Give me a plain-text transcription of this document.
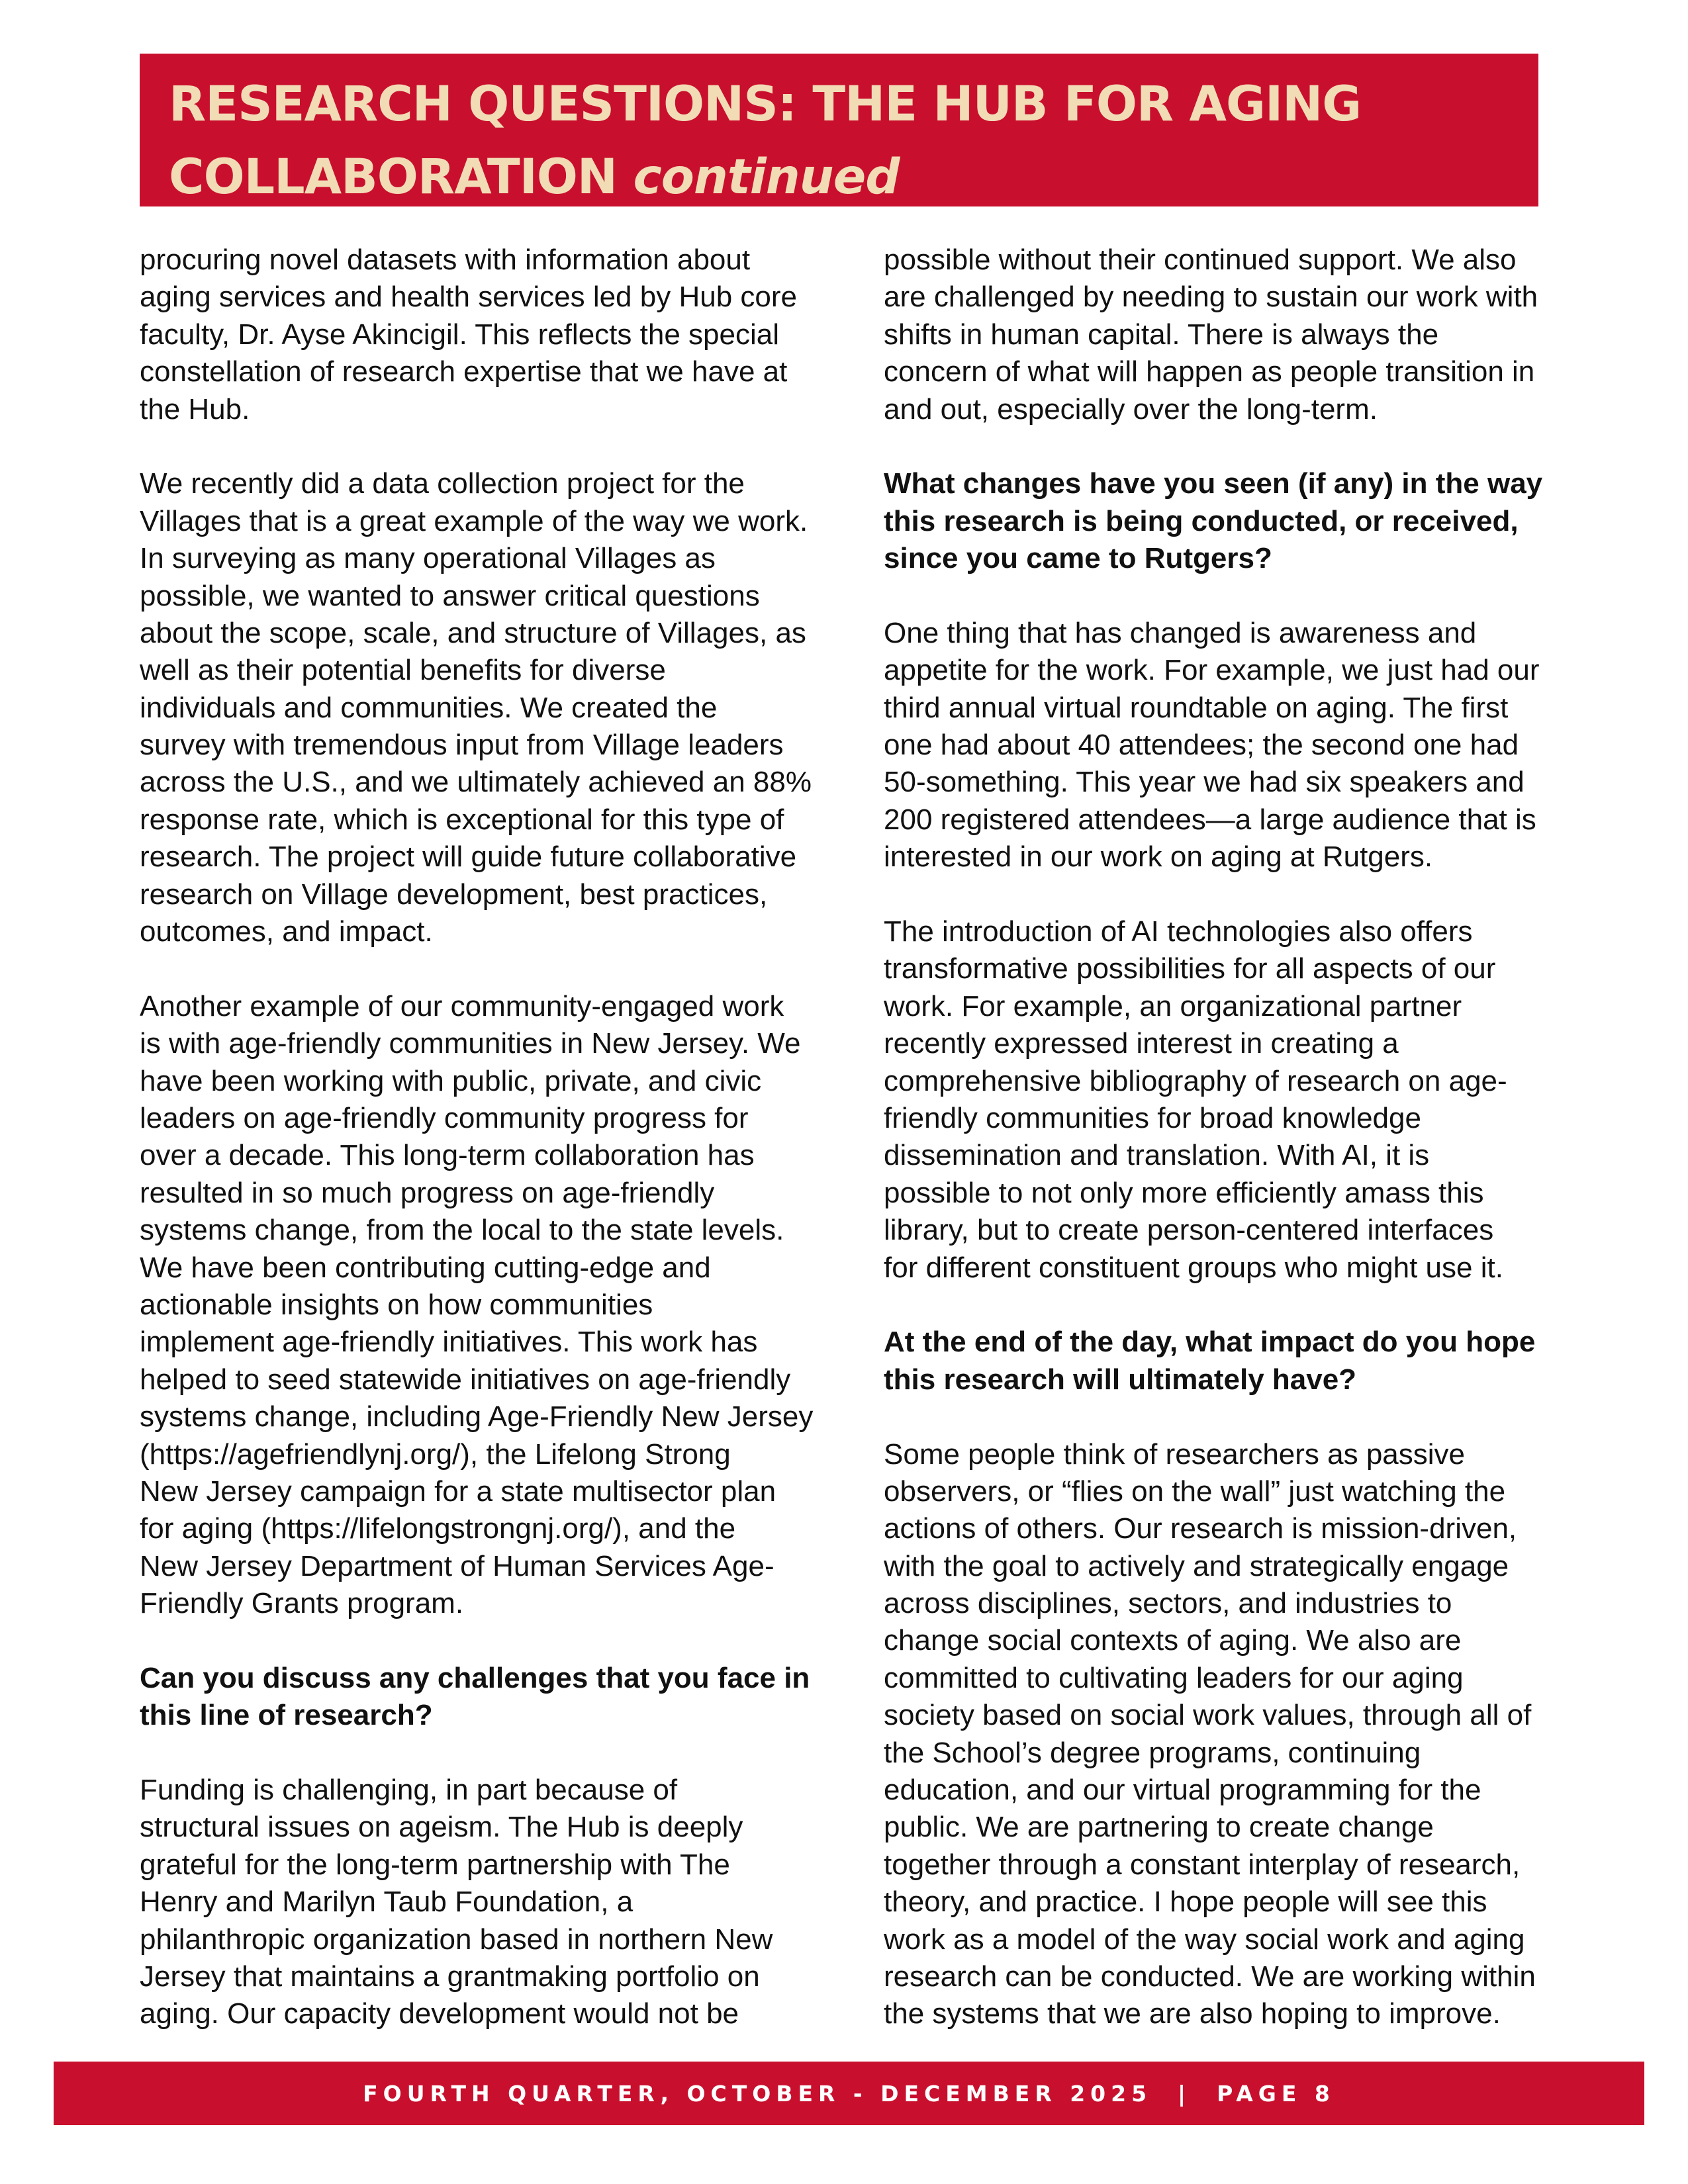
RESEARCH QUESTIONS: THE HUB FOR AGING
COLLABORATION continued
procuring novel datasets with information about
aging services and health services led by Hub core
faculty, Dr. Ayse Akincigil. This reflects the special
constellation of research expertise that we have at
the Hub.
We recently did a data collection project for the
Villages that is a great example of the way we work.
In surveying as many operational Villages as
possible, we wanted to answer critical questions
about the scope, scale, and structure of Villages, as
well as their potential benefits for diverse
individuals and communities. We created the
survey with tremendous input from Village leaders
across the U.S., and we ultimately achieved an 88%
response rate, which is exceptional for this type of
research. The project will guide future collaborative
research on Village development, best practices,
outcomes, and impact.
Another example of our community-engaged work
is with age-friendly communities in New Jersey. We
have been working with public, private, and civic
leaders on age-friendly community progress for
over a decade. This long-term collaboration has
resulted in so much progress on age-friendly
systems change, from the local to the state levels.
We have been contributing cutting-edge and
actionable insights on how communities
implement age-friendly initiatives. This work has
helped to seed statewide initiatives on age-friendly
systems change, including Age-Friendly New Jersey
(https://agefriendlynj.org/), the Lifelong Strong
New Jersey campaign for a state multisector plan
for aging (https://lifelongstrongnj.org/), and the
New Jersey Department of Human Services Age-
Friendly Grants program.
Can you discuss any challenges that you face in
this line of research?
Funding is challenging, in part because of
structural issues on ageism. The Hub is deeply
grateful for the long-term partnership with The
Henry and Marilyn Taub Foundation, a
philanthropic organization based in northern New
Jersey that maintains a grantmaking portfolio on
aging. Our capacity development would not be
possible without their continued support. We also
are challenged by needing to sustain our work with
shifts in human capital. There is always the
concern of what will happen as people transition in
and out, especially over the long-term.
What changes have you seen (if any) in the way
this research is being conducted, or received,
since you came to Rutgers?
One thing that has changed is awareness and
appetite for the work. For example, we just had our
third annual virtual roundtable on aging. The first
one had about 40 attendees; the second one had
50-something. This year we had six speakers and
200 registered attendees—a large audience that is
interested in our work on aging at Rutgers.
The introduction of AI technologies also offers
transformative possibilities for all aspects of our
work. For example, an organizational partner
recently expressed interest in creating a
comprehensive bibliography of research on age-
friendly communities for broad knowledge
dissemination and translation. With AI, it is
possible to not only more efficiently amass this
library, but to create person-centered interfaces
for different constituent groups who might use it.
At the end of the day, what impact do you hope
this research will ultimately have?
Some people think of researchers as passive
observers, or “flies on the wall” just watching the
actions of others. Our research is mission-driven,
with the goal to actively and strategically engage
across disciplines, sectors, and industries to
change social contexts of aging. We also are
committed to cultivating leaders for our aging
society based on social work values, through all of
the School’s degree programs, continuing
education, and our virtual programming for the
public. We are partnering to create change
together through a constant interplay of research,
theory, and practice. I hope people will see this
work as a model of the way social work and aging
research can be conducted. We are working within
the systems that we are also hoping to improve.
FOURTH QUARTER, OCTOBER - DECEMBER 2025  |  PAGE 8
